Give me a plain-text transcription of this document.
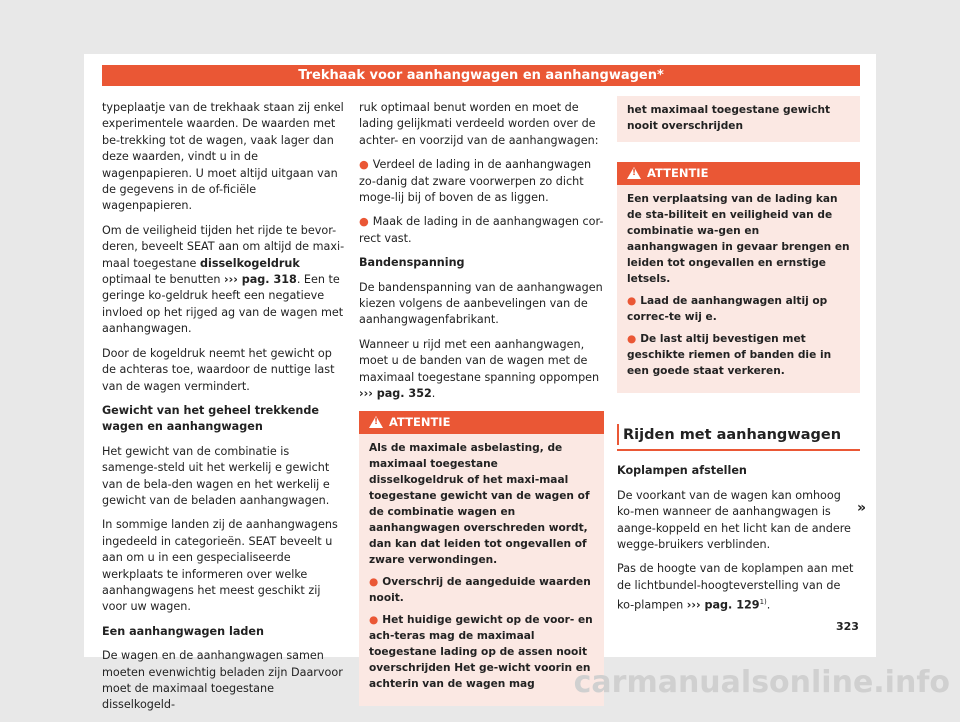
Trekhaak voor aanhangwagen en aanhangwagen*

typeplaatje van de trekhaak staan zij enkel experimentele waarden. De waarden met be-trekking tot de wagen, vaak lager dan deze waarden, vindt u in de wagenpapieren. U moet altijd uitgaan van de gegevens in de of-ficiële wagenpapieren.

Om de veiligheid tijden het rijde te bevor-deren, beveelt SEAT aan om altijd de maxi-maal toegestane disselkogeldruk optimaal te benutten ››› pag. 318. Een te geringe ko-geldruk heeft een negatieve invloed op het rijged ag van de wagen met aanhangwagen.

Door de kogeldruk neemt het gewicht op de achteras toe, waardoor de nuttige last van de wagen vermindert.

Gewicht van het geheel trekkende wagen en aanhangwagen

Het gewicht van de combinatie is samenge-steld uit het werkelij e gewicht van de bela-den wagen en het werkelij e gewicht van de beladen aanhangwagen.

In sommige landen zij de aanhangwagens ingedeeld in categorieën. SEAT beveelt u aan om u in een gespecialiseerde werkplaats te informeren over welke aanhangwagens het meest geschikt zij voor uw wagen.

Een aanhangwagen laden

De wagen en de aanhangwagen samen moeten evenwichtig beladen zijn Daarvoor moet de maximaal toegestane disselkogeld-

ruk optimaal benut worden en moet de lading gelijkmati verdeeld worden over de achter- en voorzijd van de aanhangwagen:

● Verdeel de lading in de aanhangwagen zo-danig dat zware voorwerpen zo dicht moge-lij bij of boven de as liggen.

● Maak de lading in de aanhangwagen cor-rect vast.

Bandenspanning

De bandenspanning van de aanhangwagen kiezen volgens de aanbevelingen van de aanhangwagenfabrikant.

Wanneer u rijd met een aanhangwagen, moet u de banden van de wagen met de maximaal toegestane spanning oppompen ››› pag. 352.

!ATTENTIE

Als de maximale asbelasting, de maximaal toegestane disselkogeldruk of het maxi-maal toegestane gewicht van de wagen of de combinatie wagen en aanhangwagen overschreden wordt, dan kan dat leiden tot ongevallen of zware verwondingen.

● Overschrij de aangeduide waarden nooit.

● Het huidige gewicht op de voor- en ach-teras mag de maximaal toegestane lading op de assen nooit overschrijden Het ge-wicht voorin en achterin van de wagen mag

het maximaal toegestane gewicht nooit overschrijden
!ATTENTIE

Een verplaatsing van de lading kan de sta-biliteit en veiligheid van de combinatie wa-gen en aanhangwagen in gevaar brengen en leiden tot ongevallen en ernstige letsels.

● Laad de aanhangwagen altij op correc-te wij e.

● De last altij bevestigen met geschikte riemen of banden die in een goede staat verkeren.

Rijden met aanhangwagen

Koplampen afstellen

De voorkant van de wagen kan omhoog ko-men wanneer de aanhangwagen is aange-koppeld en het licht kan de andere wegge-bruikers verblinden.

Pas de hoogte van de koplampen aan met de lichtbundel-hoogteverstelling van de ko-plampen ››› pag. 129$^{1)}$.

»
323
carmanualsonline.info
